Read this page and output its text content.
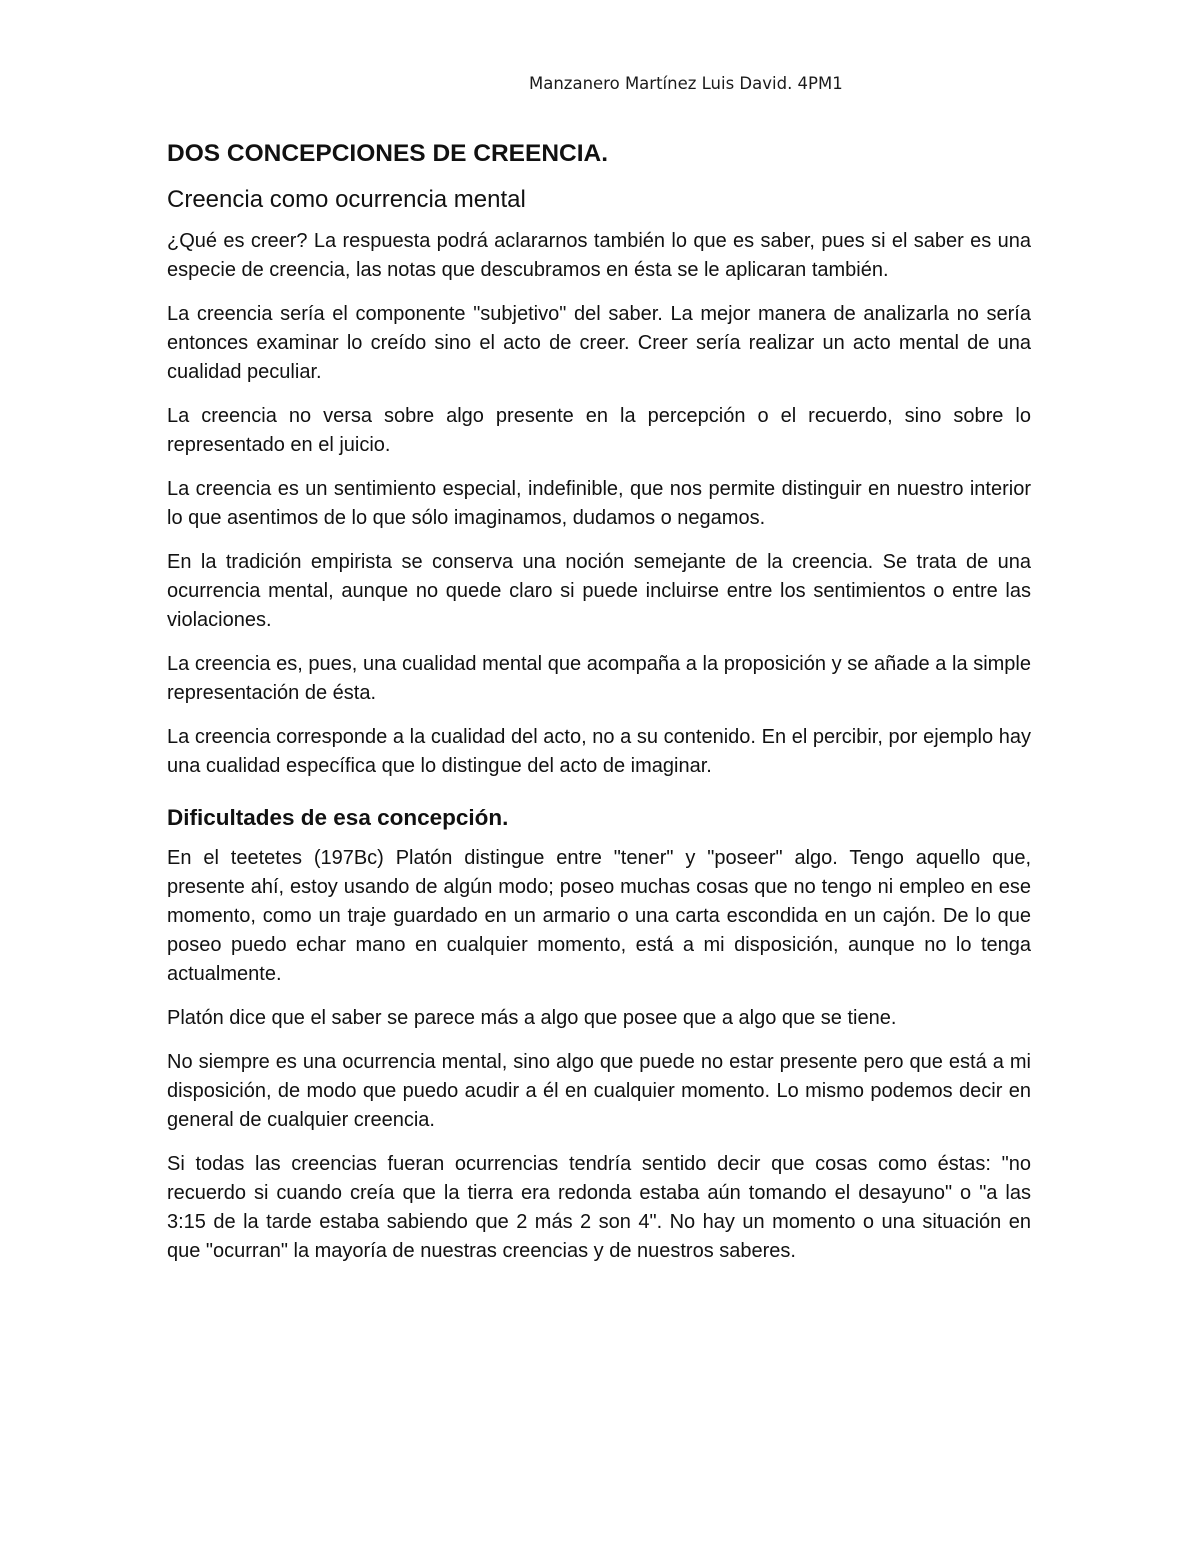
Manzanero Martínez Luis David. 4PM1
DOS CONCEPCIONES DE CREENCIA.
Creencia como ocurrencia mental

¿Qué es creer? La respuesta podrá aclararnos también lo que es saber, pues si el saber es una especie de creencia, las notas que descubramos en ésta se le aplicaran también.

La creencia sería el componente "subjetivo" del saber. La mejor manera de analizarla no sería entonces examinar lo creído sino el acto de creer. Creer sería realizar un acto mental de una cualidad peculiar.

La creencia no versa sobre algo presente en la percepción o el recuerdo, sino sobre lo representado en el juicio.

La creencia es un sentimiento especial, indefinible, que nos permite distinguir en nuestro interior lo que asentimos de lo que sólo imaginamos, dudamos o negamos.

En la tradición empirista se conserva una noción semejante de la creencia. Se trata de una ocurrencia mental, aunque no quede claro si puede incluirse entre los sentimientos o entre las violaciones.

La creencia es, pues, una cualidad mental que acompaña a la proposición y se añade a la simple representación de ésta.

La creencia corresponde a la cualidad del acto, no a su contenido. En el percibir, por ejemplo hay una cualidad específica que lo distingue del acto de imaginar.

Dificultades de esa concepción.

En el teetetes (197Bc) Platón distingue entre "tener" y "poseer" algo. Tengo aquello que, presente ahí, estoy usando de algún modo; poseo muchas cosas que no tengo ni empleo en ese momento, como un traje guardado en un armario o una carta escondida en un cajón. De lo que poseo puedo echar mano en cualquier momento, está a mi disposición, aunque no lo tenga actualmente.

Platón dice que el saber se parece más a algo que posee que a algo que se tiene.

No siempre es una ocurrencia mental, sino algo que puede no estar presente pero que está a mi disposición, de modo que puedo acudir a él en cualquier momento. Lo mismo podemos decir en general de cualquier creencia.

Si todas las creencias fueran ocurrencias tendría sentido decir que cosas como éstas: "no recuerdo si cuando creía que la tierra era redonda estaba aún tomando el desayuno" o "a las 3:15 de la tarde estaba sabiendo que 2 más 2 son 4". No hay un momento o una situación en que "ocurran" la mayoría de nuestras creencias y de nuestros saberes.
